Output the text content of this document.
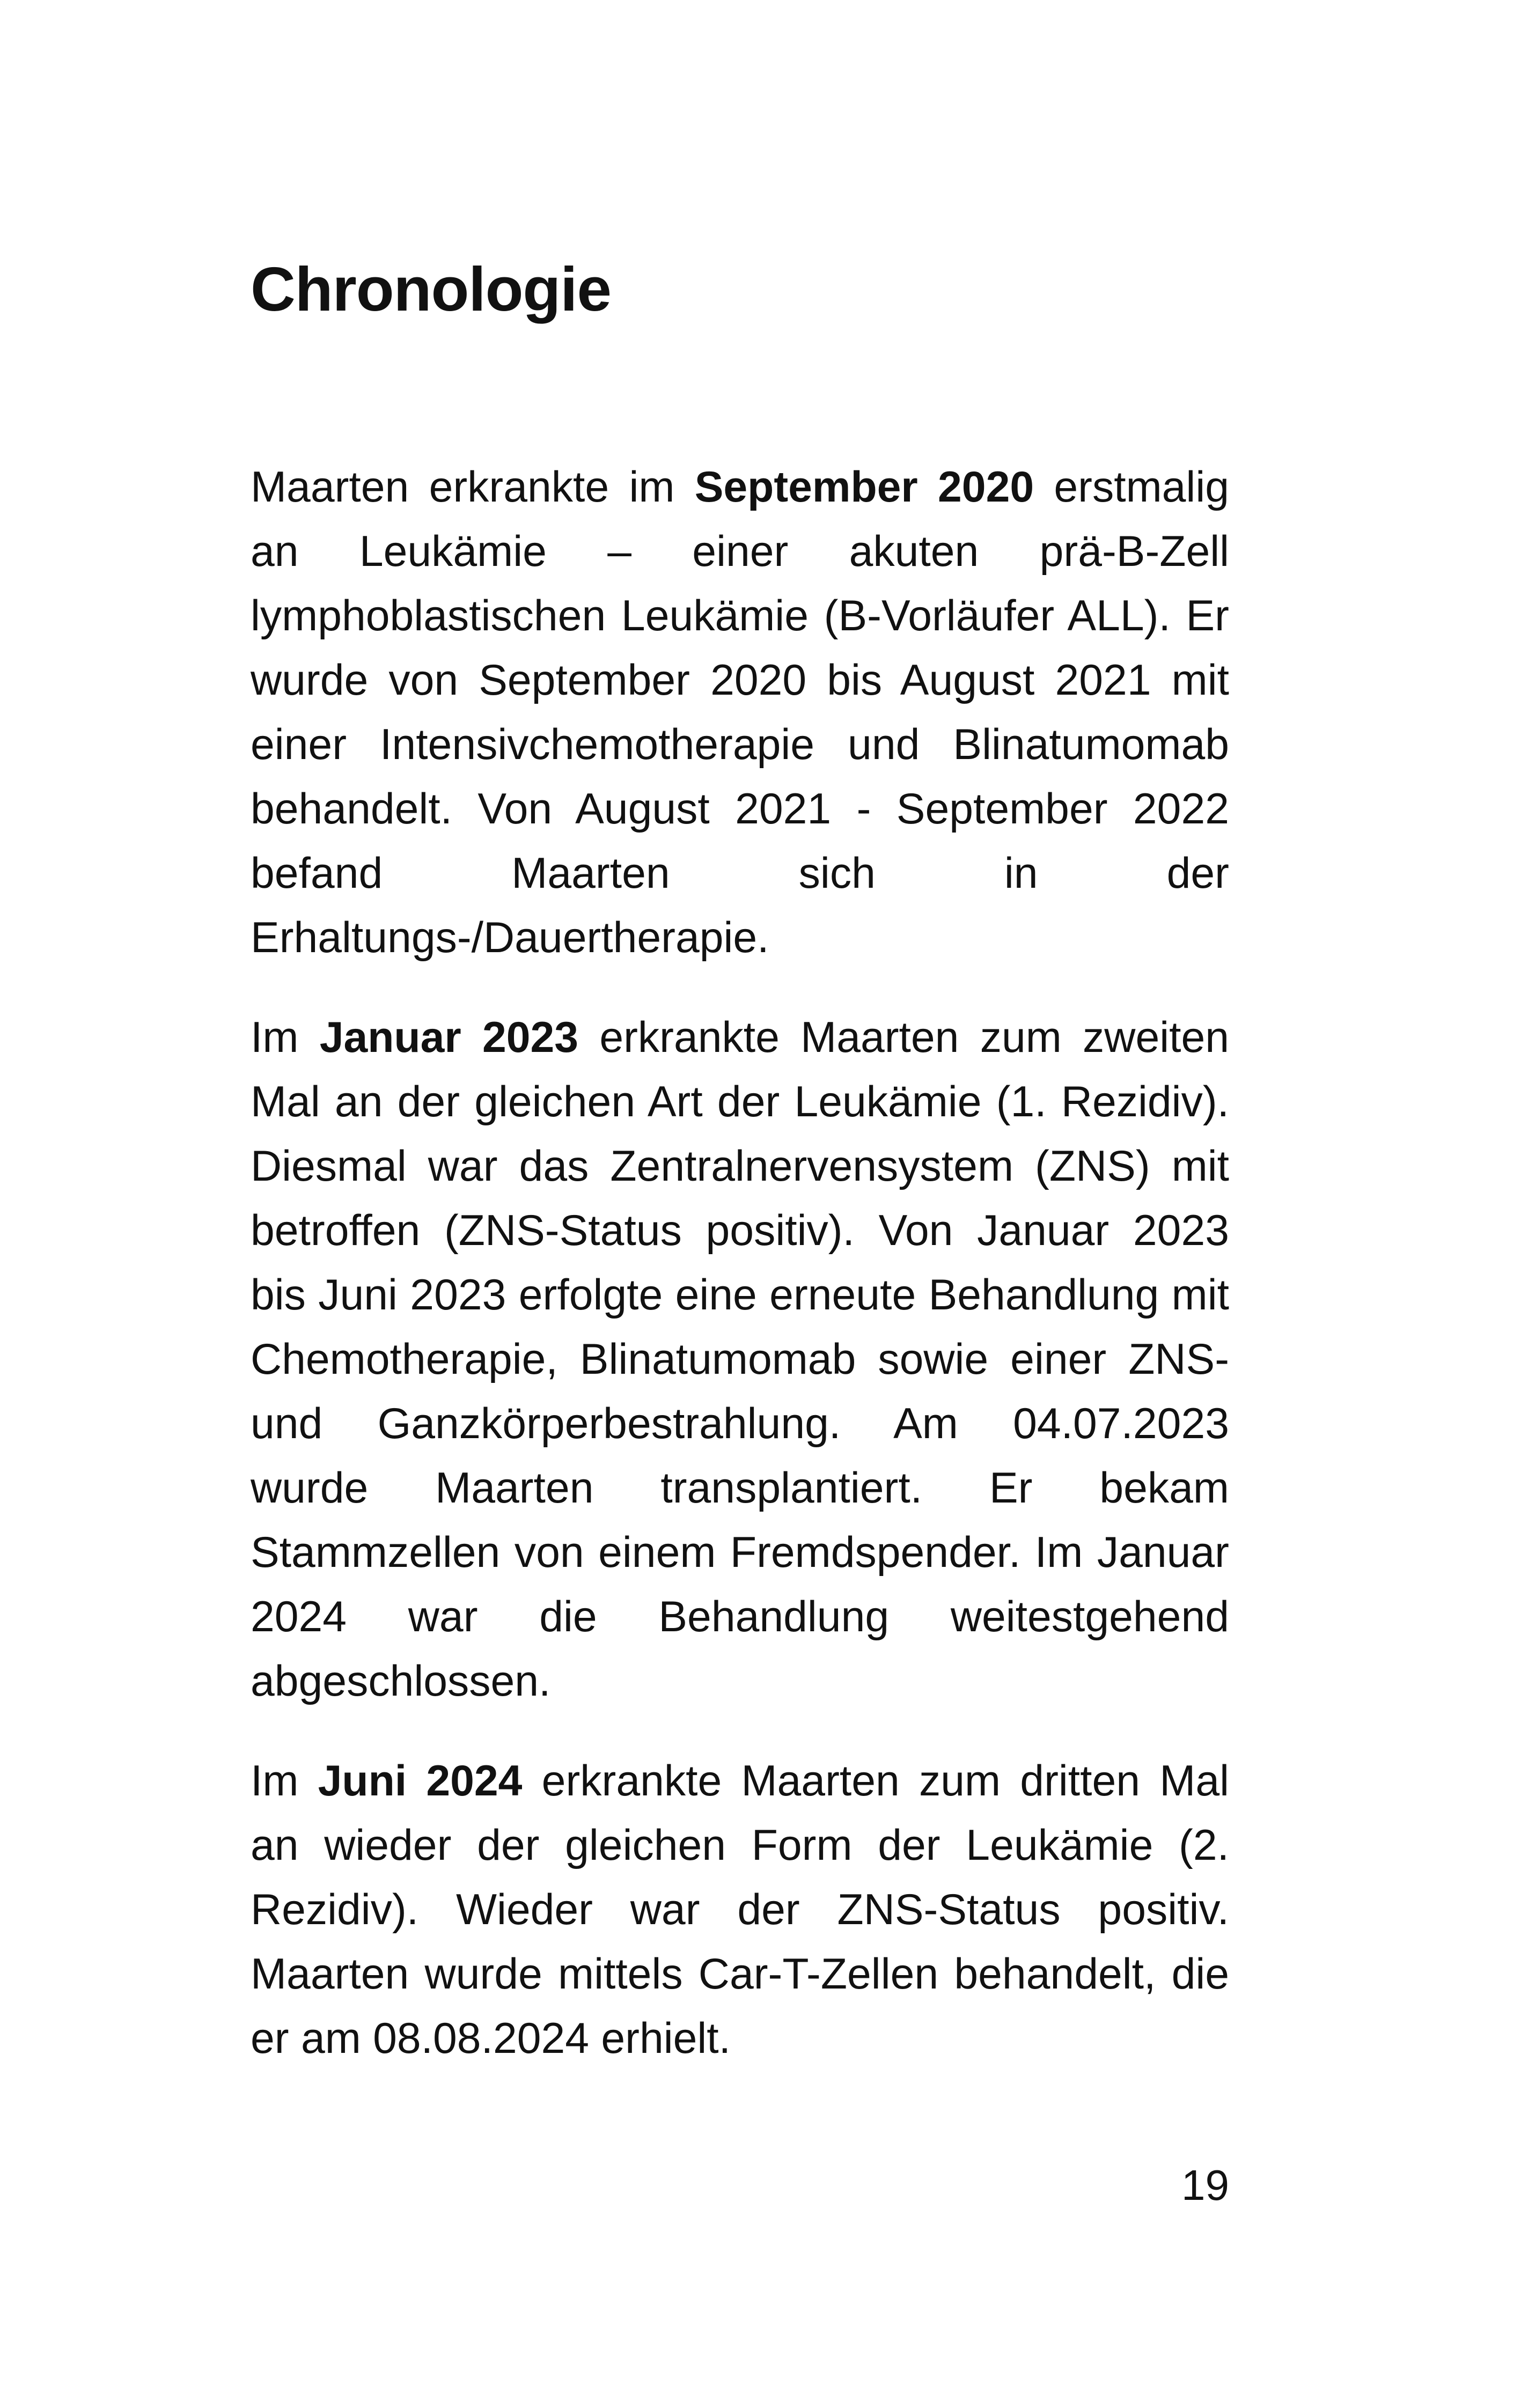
Chronologie

Maarten erkrankte im September 2020 erstmalig an Leukämie – einer akuten prä-B-Zell lymphoblastischen Leukämie (B-Vorläufer ALL). Er wurde von September 2020 bis August 2021 mit einer Intensivchemotherapie und Blinatumomab behandelt. Von August 2021 - September 2022 befand Maarten sich in der Erhaltungs-/Dauertherapie.

Im Januar 2023 erkrankte Maarten zum zweiten Mal an der gleichen Art der Leukämie (1. Rezidiv). Diesmal war das Zentralnervensystem (ZNS) mit betroffen (ZNS-Status positiv). Von Januar 2023 bis Juni 2023 erfolgte eine erneute Behandlung mit Chemotherapie, Blinatumomab sowie einer ZNS- und Ganzkörperbestrahlung. Am 04.07.2023 wurde Maarten transplantiert. Er bekam Stammzellen von einem Fremdspender. Im Januar 2024 war die Behandlung weitestgehend abgeschlossen.

Im Juni 2024 erkrankte Maarten zum dritten Mal an wieder der gleichen Form der Leukämie (2. Rezidiv). Wieder war der ZNS-Status positiv. Maarten wurde mittels Car-T-Zellen behandelt, die er am 08.08.2024 erhielt.

19
